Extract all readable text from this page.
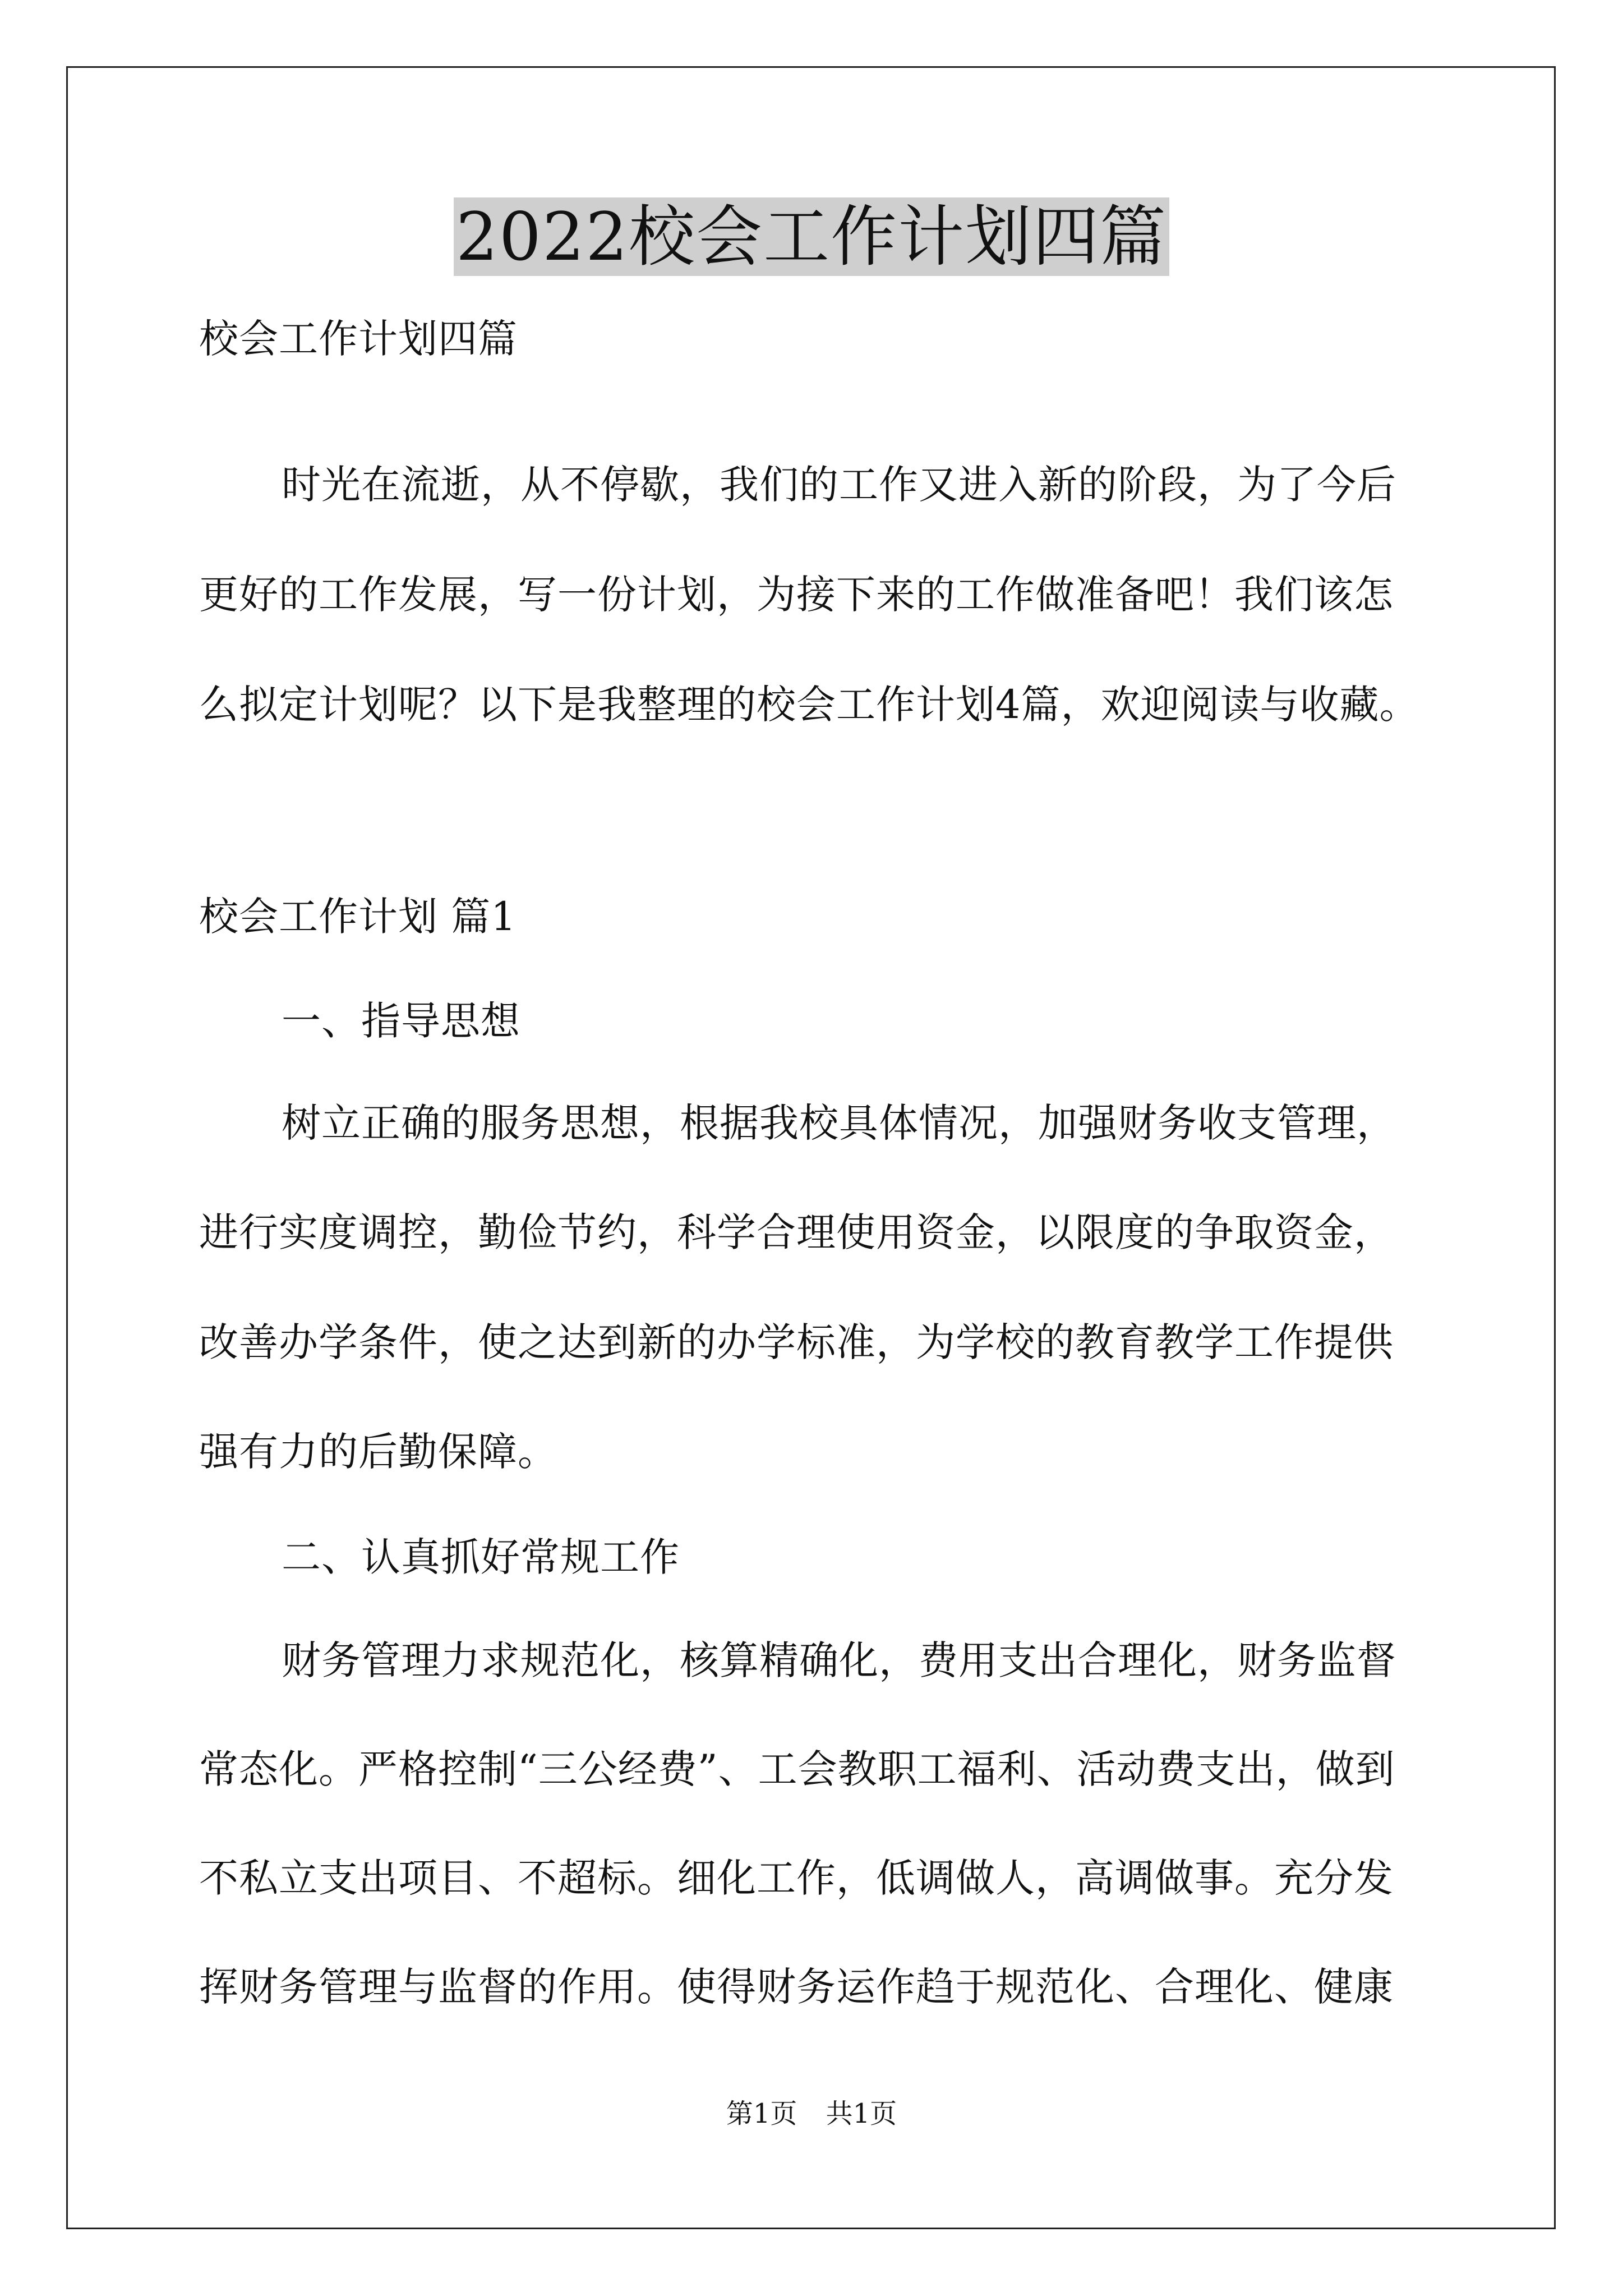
2022校会工作计划四篇
校会工作计划四篇
时光在流逝，从不停歇，我们的工作又进入新的阶段，为了今后
更好的工作发展，写一份计划，为接下来的工作做准备吧！我们该怎
么拟定计划呢？以下是我整理的校会工作计划4篇，欢迎阅读与收藏。
校会工作计划 篇1
一、指导思想
树立正确的服务思想，根据我校具体情况，加强财务收支管理，
进行实度调控，勤俭节约，科学合理使用资金，以限度的争取资金，
改善办学条件，使之达到新的办学标准，为学校的教育教学工作提供
强有力的后勤保障。
二、认真抓好常规工作
财务管理力求规范化，核算精确化，费用支出合理化，财务监督
常态化。严格控制“三公经费”、工会教职工福利、活动费支出，做到
不私立支出项目、不超标。细化工作，低调做人，高调做事。充分发
挥财务管理与监督的作用。使得财务运作趋于规范化、合理化、健康
第1页 共1页
